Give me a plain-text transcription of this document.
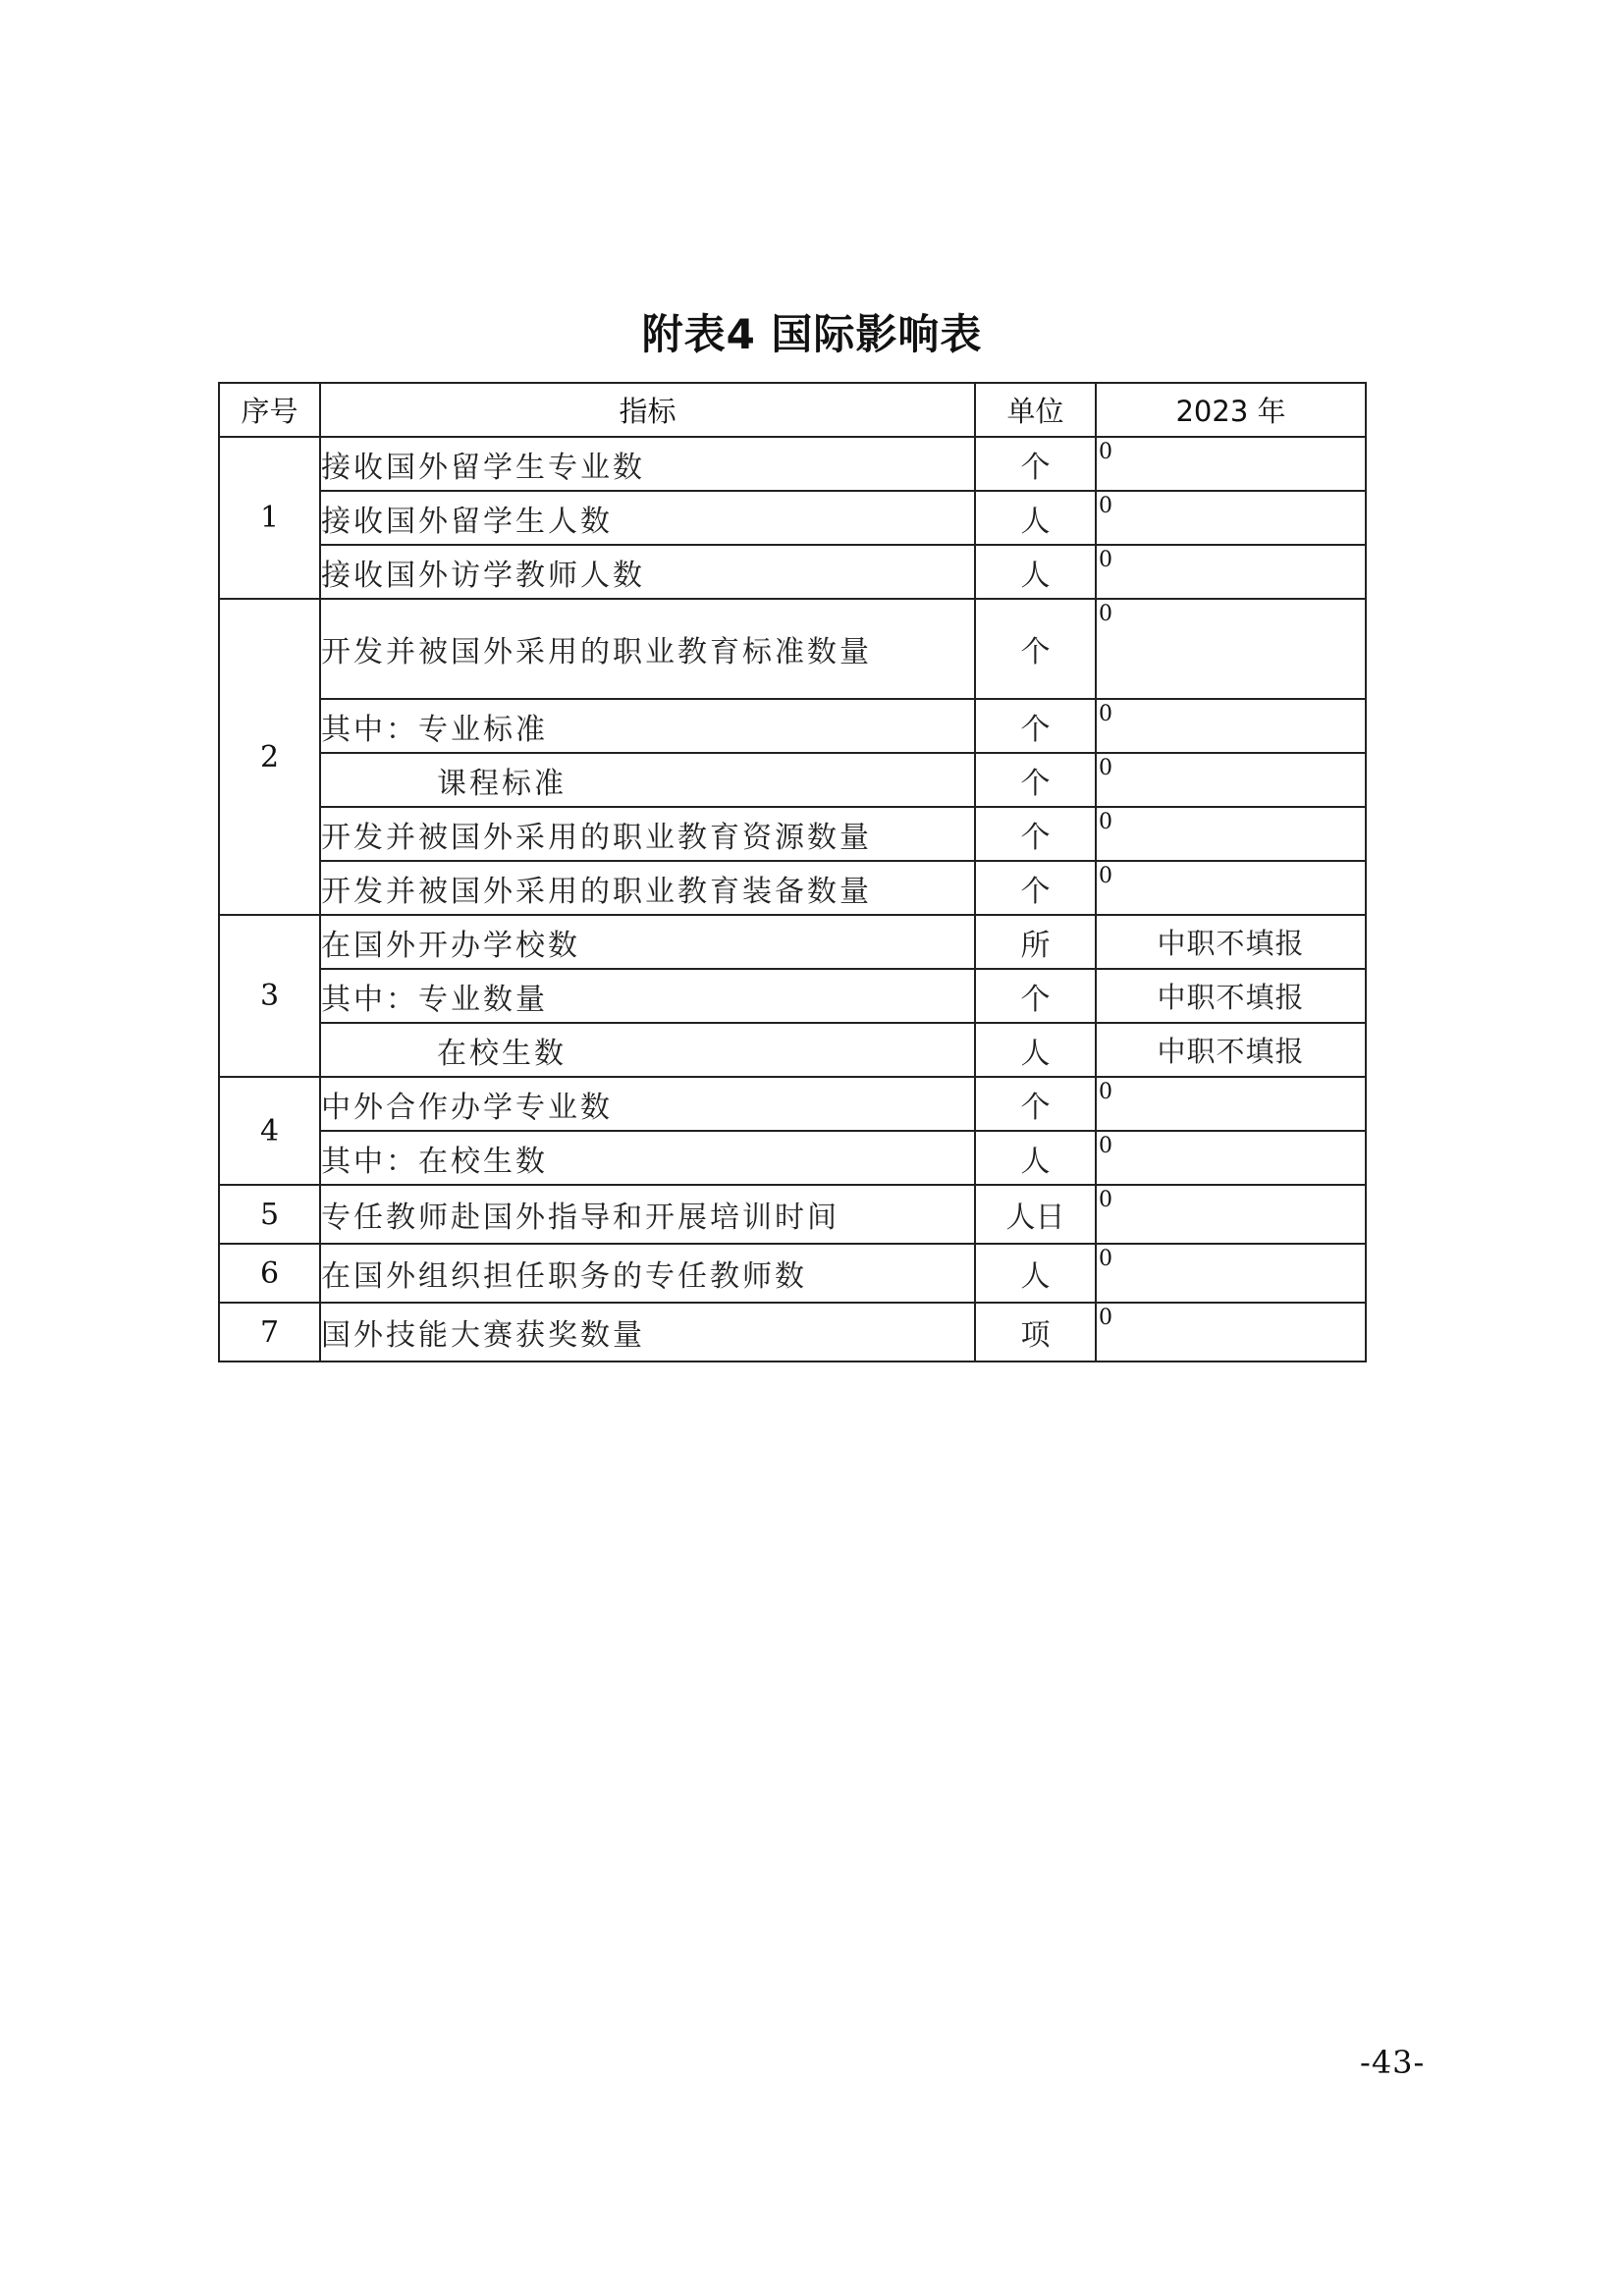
附表4 国际影响表
序号	指标	单位	2023 年
1	接收国外留学生专业数	个	0

	接收国外留学生人数	人	0

	接收国外访学教师人数	人	0

2	开发并被国外采用的职业教育标准数量	个	0

	其中：专业标准	个	0

	课程标准	个	0

	开发并被国外采用的职业教育资源数量	个	0

	开发并被国外采用的职业教育装备数量	个	0

3	在国外开办学校数	所	中职不填报

	其中：专业数量	个	中职不填报

	在校生数	人	中职不填报

4	中外合作办学专业数	个	0

	其中：在校生数	人	0

5	专任教师赴国外指导和开展培训时间	人日	0

6	在国外组织担任职务的专任教师数	人	0

7	国外技能大赛获奖数量	项	0
-43-
